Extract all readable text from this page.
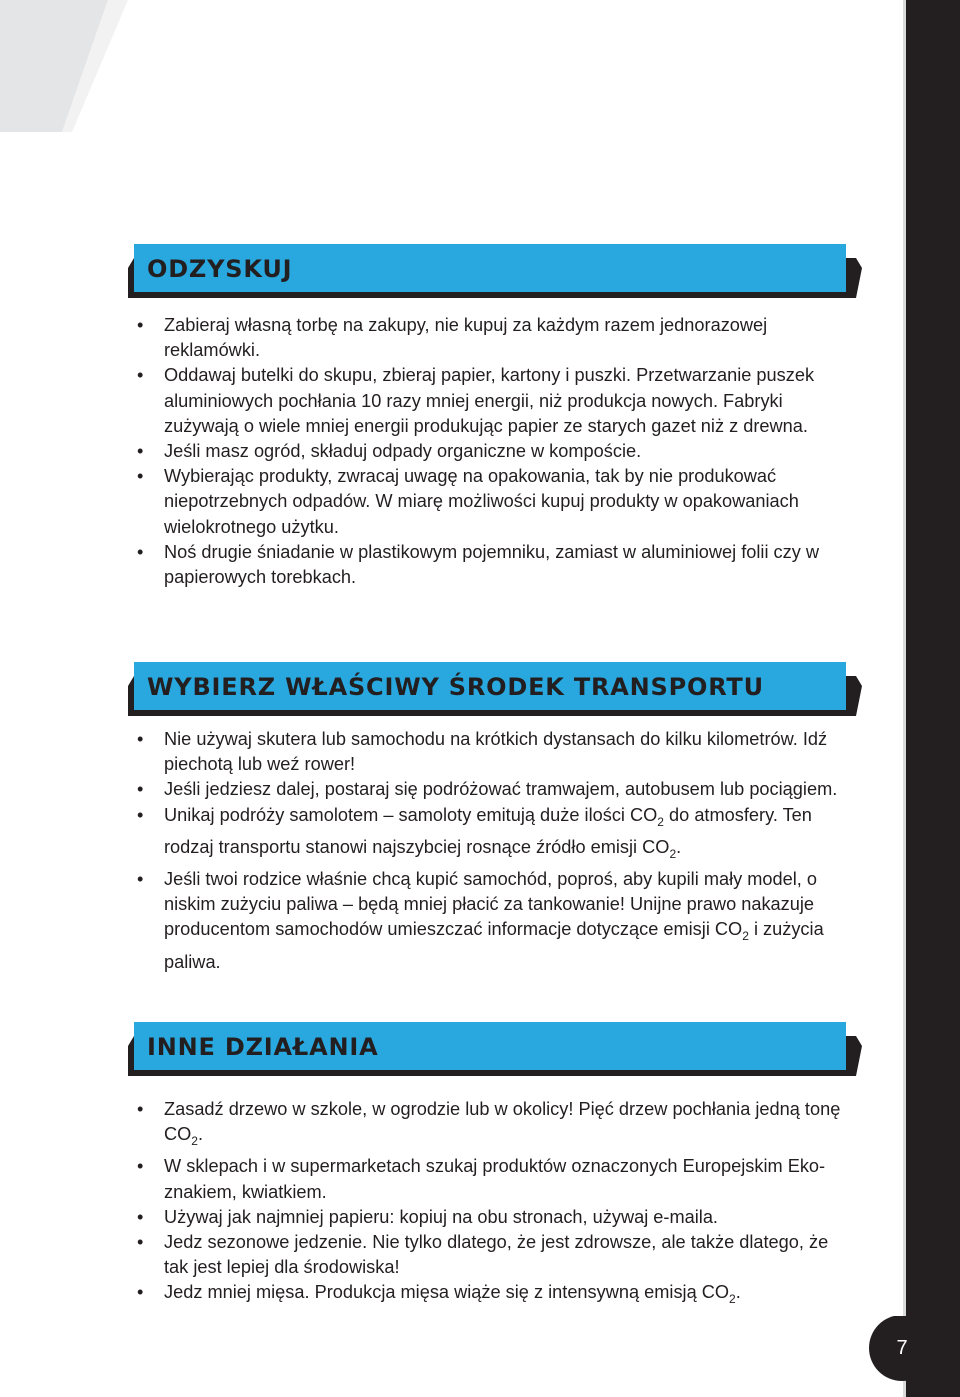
ODZYSKUJ
• Zabieraj własną torbę na zakupy, nie kupuj za każdym razem jednorazowej reklamówki.
• Oddawaj butelki do skupu, zbieraj papier, kartony i puszki. Przetwarzanie puszek aluminiowych pochłania 10 razy mniej energii, niż produkcja nowych. Fabryki zużywają o wiele mniej energii produkując papier ze starych gazet niż z drewna.
• Jeśli masz ogród, składuj odpady organiczne w kompoście.
• Wybierając produkty, zwracaj uwagę na opakowania, tak by nie produkować niepotrzebnych odpadów. W miarę możliwości kupuj produkty w opakowaniach wielokrotnego użytku.
• Noś drugie śniadanie w plastikowym pojemniku, zamiast w aluminiowej folii czy w papierowych torebkach.
WYBIERZ WŁAŚCIWY ŚRODEK TRANSPORTU
• Nie używaj skutera lub samochodu na krótkich dystansach do kilku kilometrów. Idź piechotą lub weź rower!
• Jeśli jedziesz dalej, postaraj się podróżować tramwajem, autobusem lub pociągiem.
• Unikaj podróży samolotem – samoloty emitują duże ilości $CO_2$ do atmosfery. Ten rodzaj transportu stanowi najszybciej rosnące źródło emisji $CO_2$.
• Jeśli twoi rodzice właśnie chcą kupić samochód, poproś, aby kupili mały model, o niskim zużyciu paliwa – będą mniej płacić za tankowanie! Unijne prawo nakazuje producentom samochodów umieszczać informacje dotyczące emisji $CO_2$ i zużycia paliwa.
INNE DZIAŁANIA
• Zasadź drzewo w szkole, w ogrodzie lub w okolicy! Pięć drzew pochłania jedną tonę $CO_2$.
• W sklepach i w supermarketach szukaj produktów oznaczonych Europejskim Eko-znakiem, kwiatkiem.
• Używaj jak najmniej papieru: kopiuj na obu stronach, używaj e-maila.
• Jedz sezonowe jedzenie. Nie tylko dlatego, że jest zdrowsze, ale także dlatego, że tak jest lepiej dla środowiska!
• Jedz mniej mięsa. Produkcja mięsa wiąże się z intensywną emisją $CO_2$.
7
